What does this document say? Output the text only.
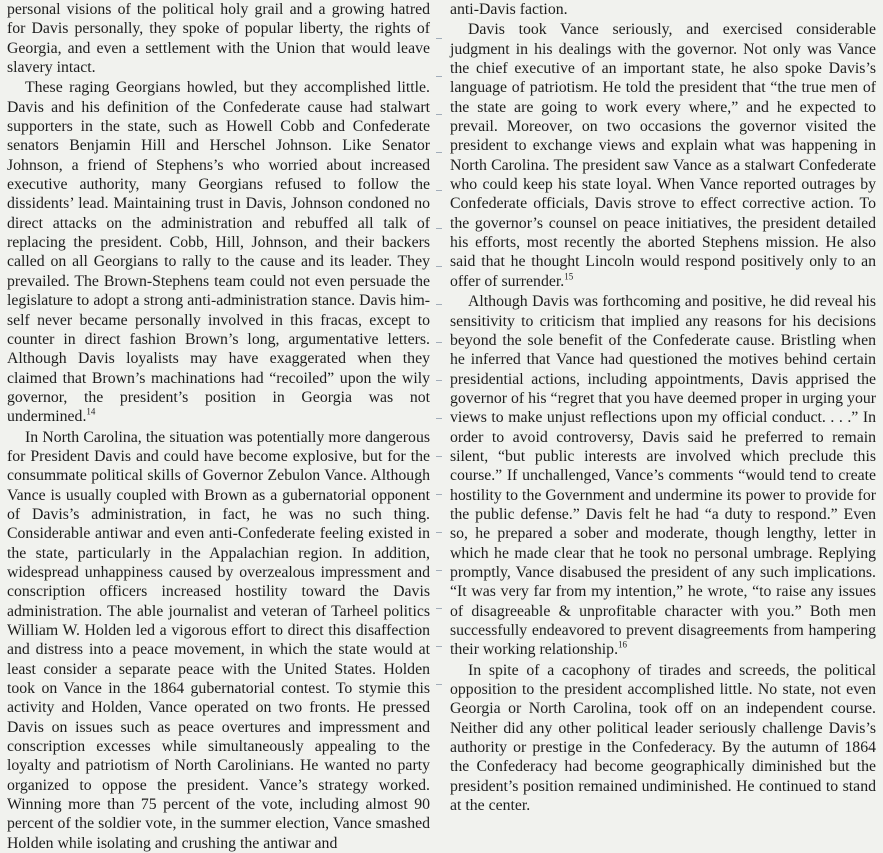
personal visions of the political holy grail and a growing hatred for Davis personally, they spoke of popular liberty, the rights of Georgia, and even a settlement with the Union that would leave slavery intact.

These raging Georgians howled, but they accomplished little. Davis and his definition of the Confederate cause had stalwart supporters in the state, such as Howell Cobb and Confederate senators Benjamin Hill and Herschel Johnson. Like Senator Johnson, a friend of Stephens’s who worried about increased executive authority, many Georgians refused to follow the dissidents’ lead. Maintaining trust in Davis, Johnson condoned no direct attacks on the administration and rebuffed all talk of replacing the president. Cobb, Hill, Johnson, and their backers called on all Georgians to rally to the cause and its leader. They prevailed. The Brown-Stephens team could not even persuade the legislature to adopt a strong anti-administration stance. Davis himself never became personally involved in this fracas, except to counter in direct fashion Brown’s long, argumentative letters. Although Davis loyalists may have exaggerated when they claimed that Brown’s machinations had “recoiled” upon the wily governor, the president’s position in Georgia was not undermined.$^{14}$

In North Carolina, the situation was potentially more dangerous for President Davis and could have become explosive, but for the consummate political skills of Governor Zebulon Vance. Although Vance is usually coupled with Brown as a gubernatorial opponent of Davis’s administration, in fact, he was no such thing. Considerable antiwar and even anti-Confederate feeling existed in the state, particularly in the Appalachian region. In addition, widespread unhappiness caused by overzealous impressment and conscription officers increased hostility toward the Davis administration. The able journalist and veteran of Tarheel politics William W. Holden led a vigorous effort to direct this disaffection and distress into a peace movement, in which the state would at least consider a separate peace with the United States. Holden took on Vance in the 1864 gubernatorial contest. To stymie this activity and Holden, Vance operated on two fronts. He pressed Davis on issues such as peace overtures and impressment and conscription excesses while simultaneously appealing to the loyalty and patriotism of North Carolinians. He wanted no party organized to oppose the president. Vance’s strategy worked. Winning more than 75 percent of the vote, including almost 90 percent of the soldier vote, in the summer election, Vance smashed Holden while isolating and crushing the antiwar and

anti-Davis faction.

Davis took Vance seriously, and exercised considerable judgment in his dealings with the governor. Not only was Vance the chief executive of an important state, he also spoke Davis’s language of patriotism. He told the president that “the true men of the state are going to work every where,” and he expected to prevail. Moreover, on two occasions the governor visited the president to exchange views and explain what was happening in North Carolina. The president saw Vance as a stalwart Confederate who could keep his state loyal. When Vance reported outrages by Confederate officials, Davis strove to effect corrective action. To the governor’s counsel on peace initiatives, the president detailed his efforts, most recently the aborted Stephens mission. He also said that he thought Lincoln would respond positively only to an offer of surrender.$^{15}$

Although Davis was forthcoming and positive, he did reveal his sensitivity to criticism that implied any reasons for his decisions beyond the sole benefit of the Confederate cause. Bristling when he inferred that Vance had questioned the motives behind certain presidential actions, including appointments, Davis apprised the governor of his “regret that you have deemed proper in urging your views to make unjust reflections upon my official conduct. . . .” In order to avoid controversy, Davis said he preferred to remain silent, “but public interests are involved which preclude this course.” If unchallenged, Vance’s comments “would tend to create hostility to the Government and undermine its power to provide for the public defense.” Davis felt he had “a duty to respond.” Even so, he prepared a sober and moderate, though lengthy, letter in which he made clear that he took no personal umbrage. Replying promptly, Vance disabused the president of any such implications. “It was very far from my intention,” he wrote, “to raise any issues of disagreeable & unprofitable character with you.” Both men successfully endeavored to prevent disagreements from hampering their working relationship.$^{16}$

In spite of a cacophony of tirades and screeds, the political opposition to the president accomplished little. No state, not even Georgia or North Carolina, took off on an independent course. Neither did any other political leader seriously challenge Davis’s authority or prestige in the Confederacy. By the autumn of 1864 the Confederacy had become geographically diminished but the president’s position remained undiminished. He continued to stand at the center.
